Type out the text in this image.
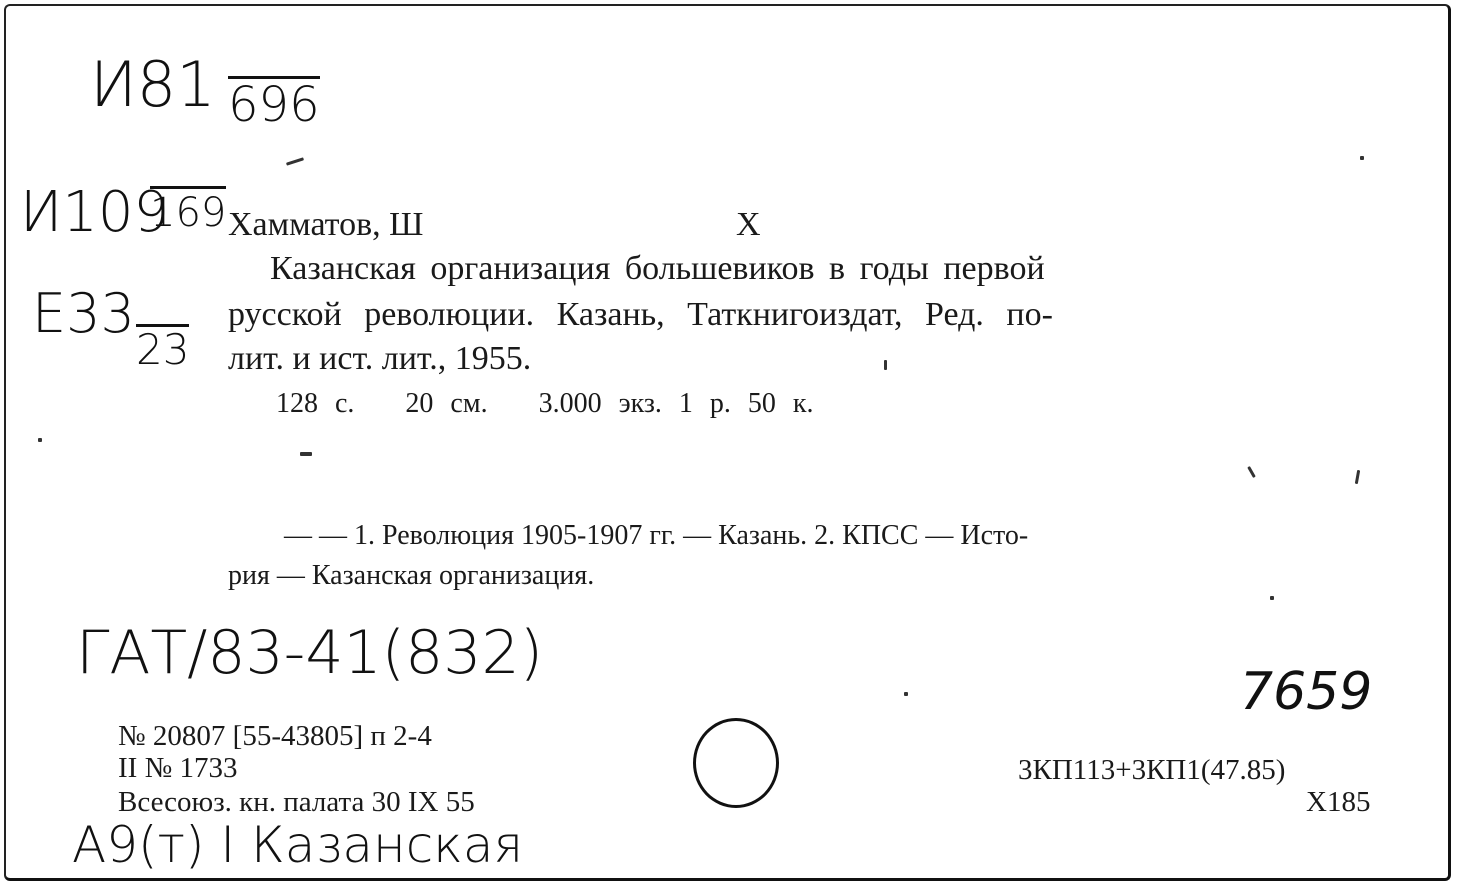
И81 696
И109
169
Е33
23
Хамматов, Ш	Х
Казанская организация большевиков в годы первой
русской революции. Казань, Таткнигоиздат, Ред. по-
лит. и ист. лит., 1955.
128 с.   20 см.   3.000 экз. 1 р. 50 к.
— — 1. Революция 1905-1907 гг. — Казань. 2. КПСС — Исто-
рия — Казанская организация.
ГАТ/83-41(832)
7659
А9(т) І Казанская
№ 20807 [55-43805] п 2-4
II № 1733
Всесоюз. кн. палата 30 IX 55
3КП113+3КП1(47.85)
Х185
